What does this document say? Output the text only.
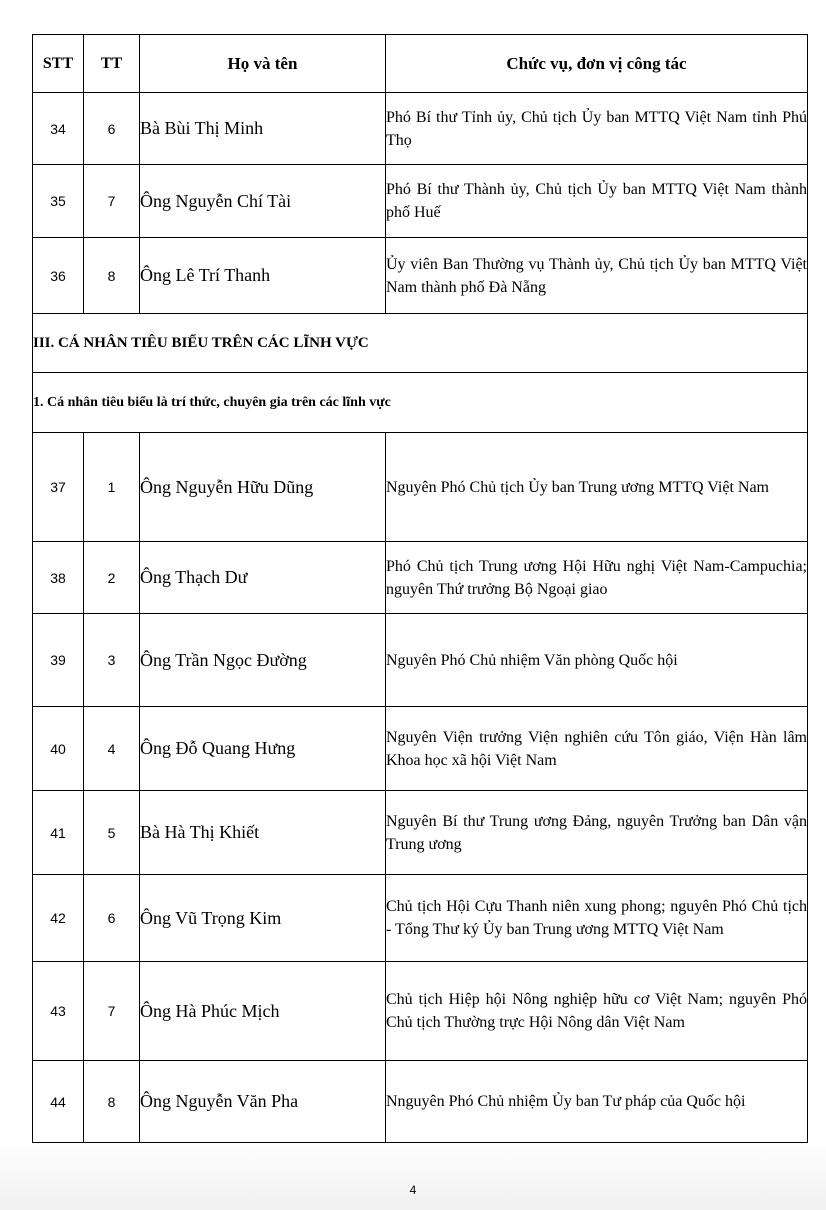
STT	TT	Họ và tên	Chức vụ, đơn vị công tác
34	6	Bà Bùi Thị Minh	Phó Bí thư Tỉnh ủy, Chủ tịch Ủy ban MTTQ Việt Nam tỉnh Phú Thọ
35	7	Ông Nguyễn Chí Tài	Phó Bí thư Thành ủy, Chủ tịch Ủy ban MTTQ Việt Nam thành phố Huế
36	8	Ông Lê Trí Thanh	Ủy viên Ban Thường vụ Thành ủy, Chủ tịch Ủy ban MTTQ Việt Nam thành phố Đà Nẵng
III. CÁ NHÂN TIÊU BIỂU TRÊN CÁC LĨNH VỰC			
1. Cá nhân tiêu biểu là trí thức, chuyên gia trên các lĩnh vực			
37	1	Ông Nguyễn Hữu Dũng	Nguyên Phó Chủ tịch Ủy ban Trung ương MTTQ Việt Nam
38	2	Ông Thạch Dư	Phó Chủ tịch Trung ương Hội Hữu nghị Việt Nam-Campuchia; nguyên Thứ trưởng Bộ Ngoại giao
39	3	Ông Trần Ngọc Đường	Nguyên Phó Chủ nhiệm Văn phòng Quốc hội
40	4	Ông Đỗ Quang Hưng	Nguyên Viện trưởng Viện nghiên cứu Tôn giáo, Viện Hàn lâm Khoa học xã hội Việt Nam
41	5	Bà Hà Thị Khiết	Nguyên Bí thư Trung ương Đảng, nguyên Trưởng ban Dân vận Trung ương
42	6	Ông Vũ Trọng Kim	Chủ tịch Hội Cựu Thanh niên xung phong; nguyên Phó Chủ tịch - Tổng Thư ký Ủy ban Trung ương MTTQ Việt Nam
43	7	Ông Hà Phúc Mịch	Chủ tịch Hiệp hội Nông nghiệp hữu cơ Việt Nam; nguyên Phó Chủ tịch Thường trực Hội Nông dân Việt Nam
44	8	Ông Nguyễn Văn Pha	Nnguyên Phó Chủ nhiệm Ủy ban Tư pháp của Quốc hội
4
